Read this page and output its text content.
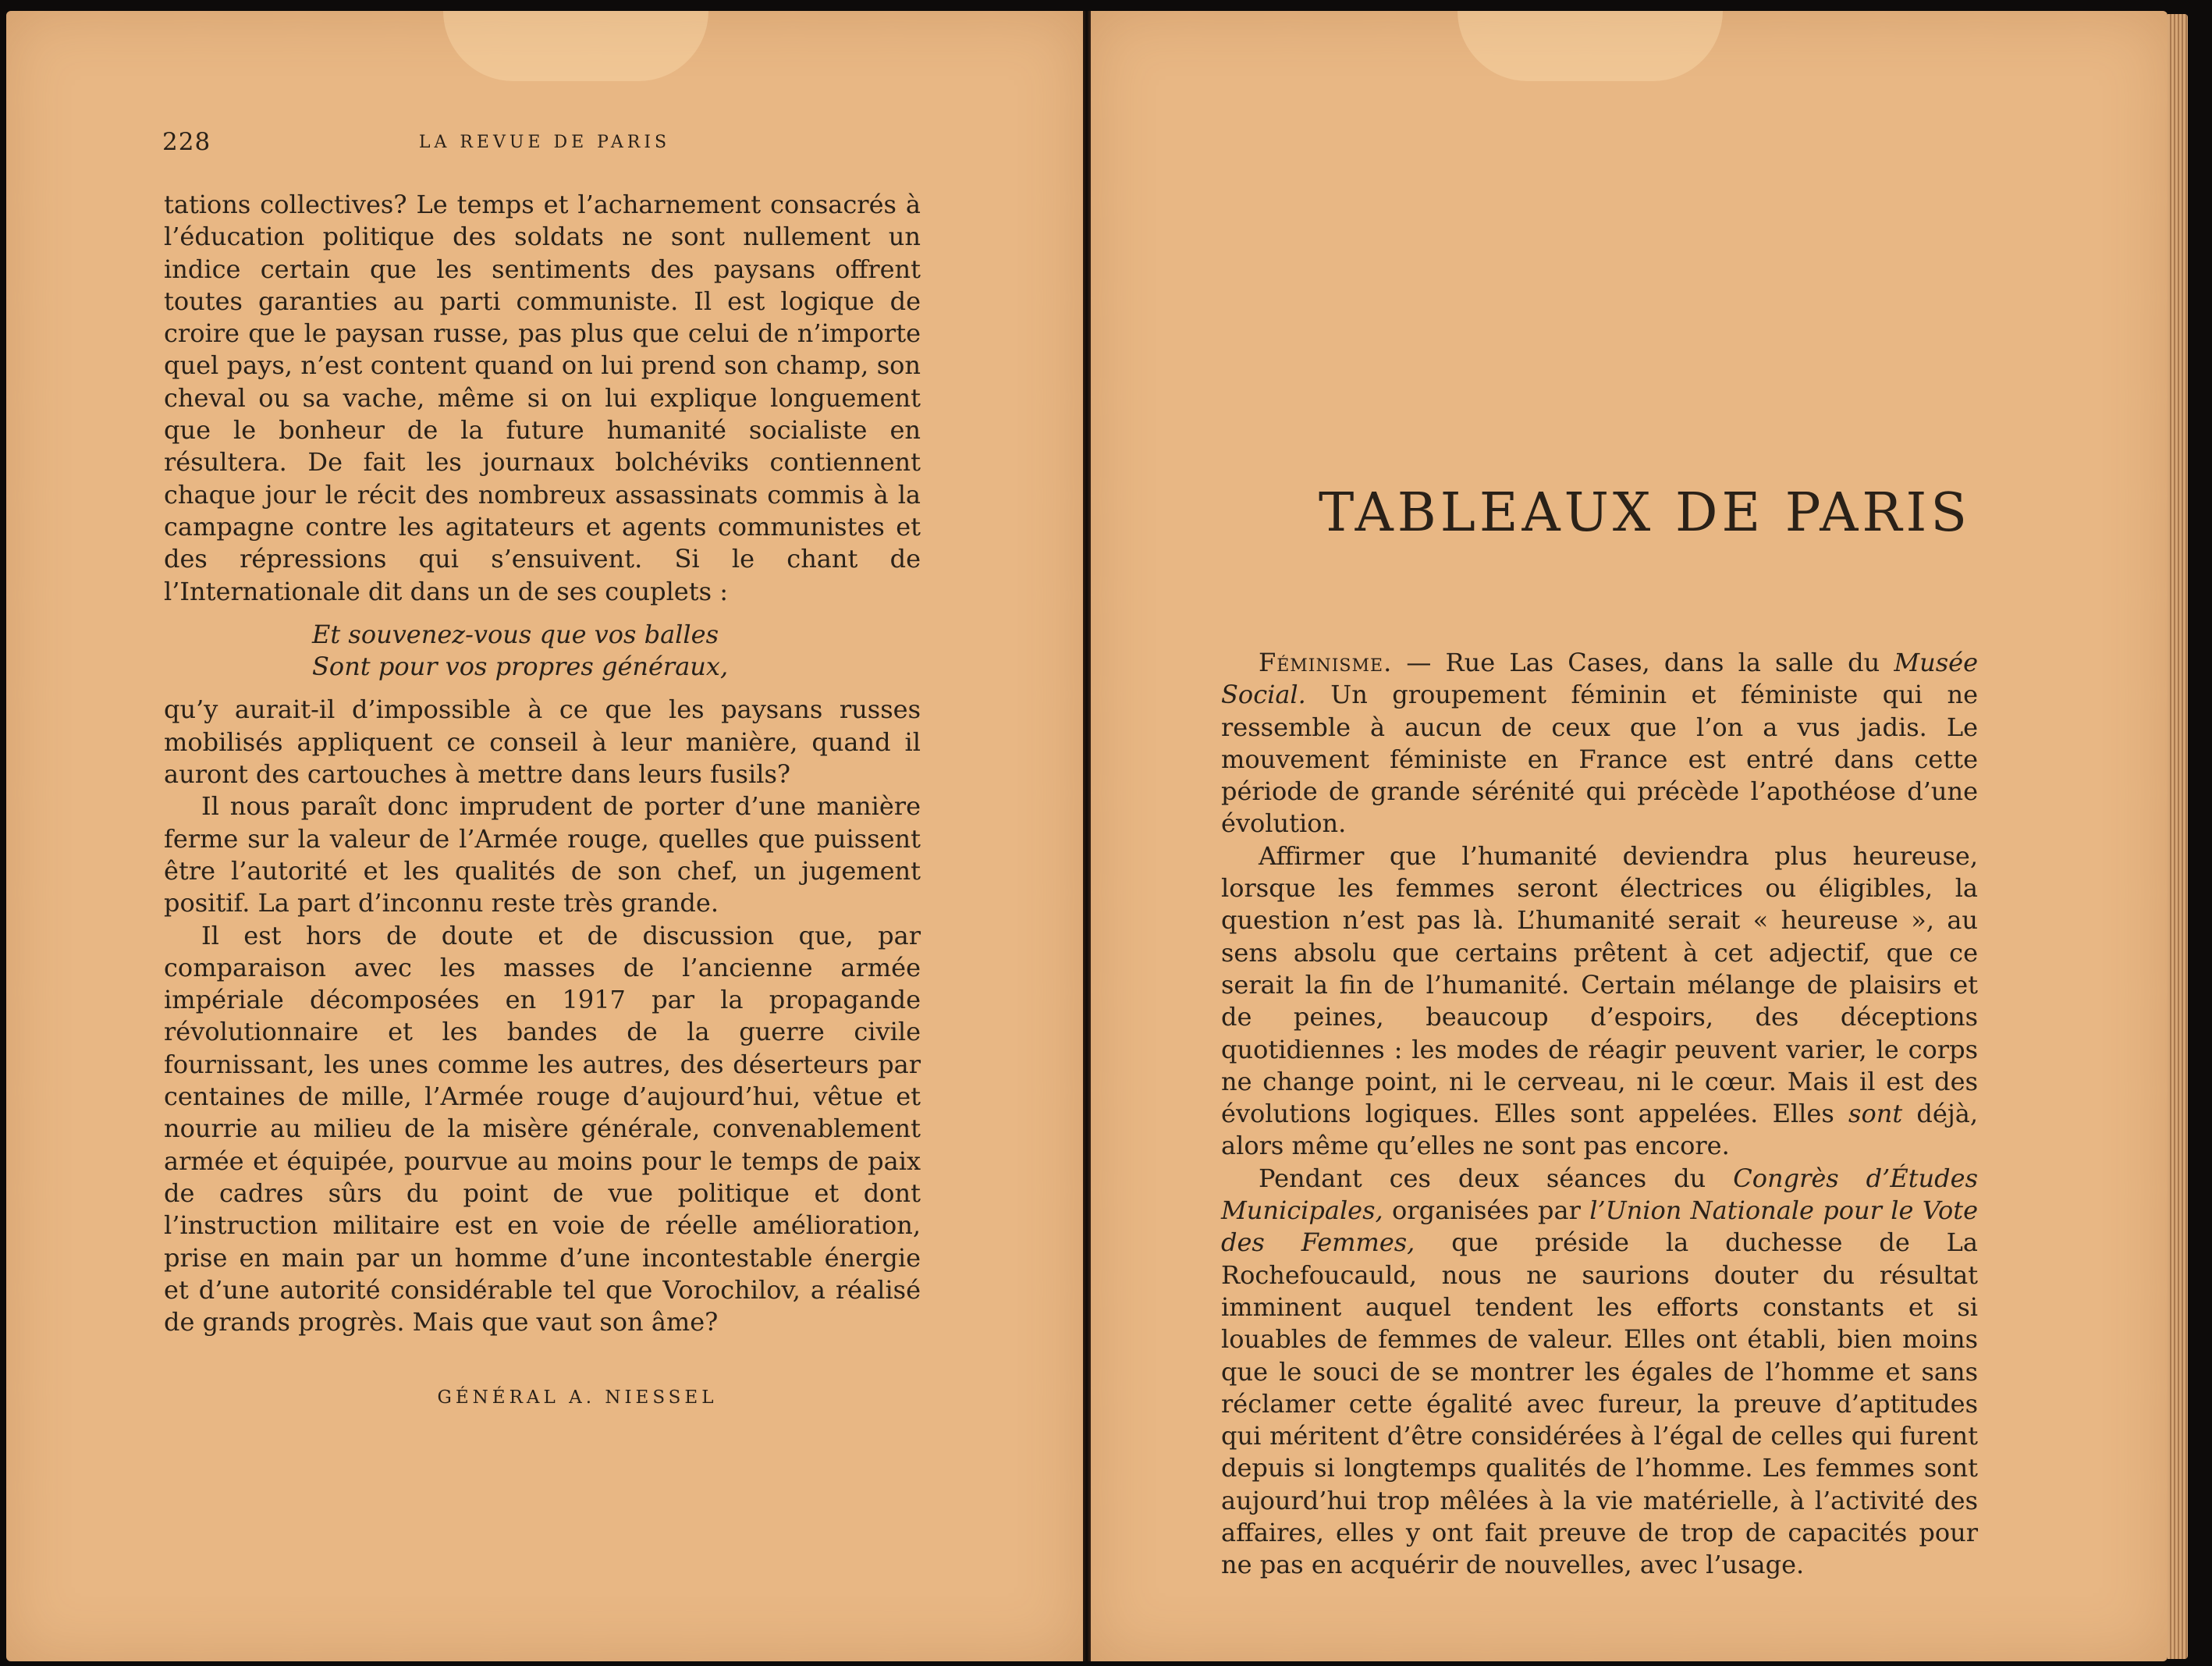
228	LA REVUE DE PARIS

tations collectives? Le temps et l’acharnement consacrés à l’éducation politique des soldats ne sont nullement un indice certain que les sentiments des paysans offrent toutes garanties au parti communiste. Il est logique de croire que le paysan russe, pas plus que celui de n’importe quel pays, n’est content quand on lui prend son champ, son cheval ou sa vache, même si on lui explique longuement que le bonheur de la future humanité socialiste en résultera. De fait les journaux bolchéviks contiennent chaque jour le récit des nombreux assassinats commis à la campagne contre les agitateurs et agents communistes et des répressions qui s’ensuivent. Si le chant de l’Internationale dit dans un de ses couplets :

Et souvenez-vous que vos balles
Sont pour vos propres généraux,

qu’y aurait-il d’impossible à ce que les paysans russes mobilisés appliquent ce conseil à leur manière, quand il auront des cartouches à mettre dans leurs fusils?

Il nous paraît donc imprudent de porter d’une manière ferme sur la valeur de l’Armée rouge, quelles que puissent être l’autorité et les qualités de son chef, un jugement positif. La part d’inconnu reste très grande.

Il est hors de doute et de discussion que, par comparaison avec les masses de l’ancienne armée impériale décomposées en 1917 par la propagande révolutionnaire et les bandes de la guerre civile fournissant, les unes comme les autres, des déserteurs par centaines de mille, l’Armée rouge d’aujourd’hui, vêtue et nourrie au milieu de la misère générale, convenablement armée et équipée, pourvue au moins pour le temps de paix de cadres sûrs du point de vue politique et dont l’instruction militaire est en voie de réelle amélioration, prise en main par un homme d’une incontestable énergie et d’une autorité considérable tel que Vorochilov, a réalisé de grands progrès. Mais que vaut son âme?

GÉNÉRAL A. NIESSEL
TABLEAUX DE PARIS

Féminisme. — Rue Las Cases, dans la salle du Musée Social. Un groupement féminin et féministe qui ne ressemble à aucun de ceux que l’on a vus jadis. Le mouvement féministe en France est entré dans cette période de grande sérénité qui précède l’apothéose d’une évolution.

Affirmer que l’humanité deviendra plus heureuse, lorsque les femmes seront électrices ou éligibles, la question n’est pas là. L’humanité serait « heureuse », au sens absolu que certains prêtent à cet adjectif, que ce serait la fin de l’humanité. Certain mélange de plaisirs et de peines, beaucoup d’espoirs, des déceptions quotidiennes : les modes de réagir peuvent varier, le corps ne change point, ni le cerveau, ni le cœur. Mais il est des évolutions logiques. Elles sont appelées. Elles sont déjà, alors même qu’elles ne sont pas encore.

Pendant ces deux séances du Congrès d’Études Municipales, organisées par l’Union Nationale pour le Vote des Femmes, que préside la duchesse de La Rochefoucauld, nous ne saurions douter du résultat imminent auquel tendent les efforts constants et si louables de femmes de valeur. Elles ont établi, bien moins que le souci de se montrer les égales de l’homme et sans réclamer cette égalité avec fureur, la preuve d’aptitudes qui méritent d’être considérées à l’égal de celles qui furent depuis si longtemps qualités de l’homme. Les femmes sont aujourd’hui trop mêlées à la vie matérielle, à l’activité des affaires, elles y ont fait preuve de trop de capacités pour ne pas en acquérir de nouvelles, avec l’usage.
